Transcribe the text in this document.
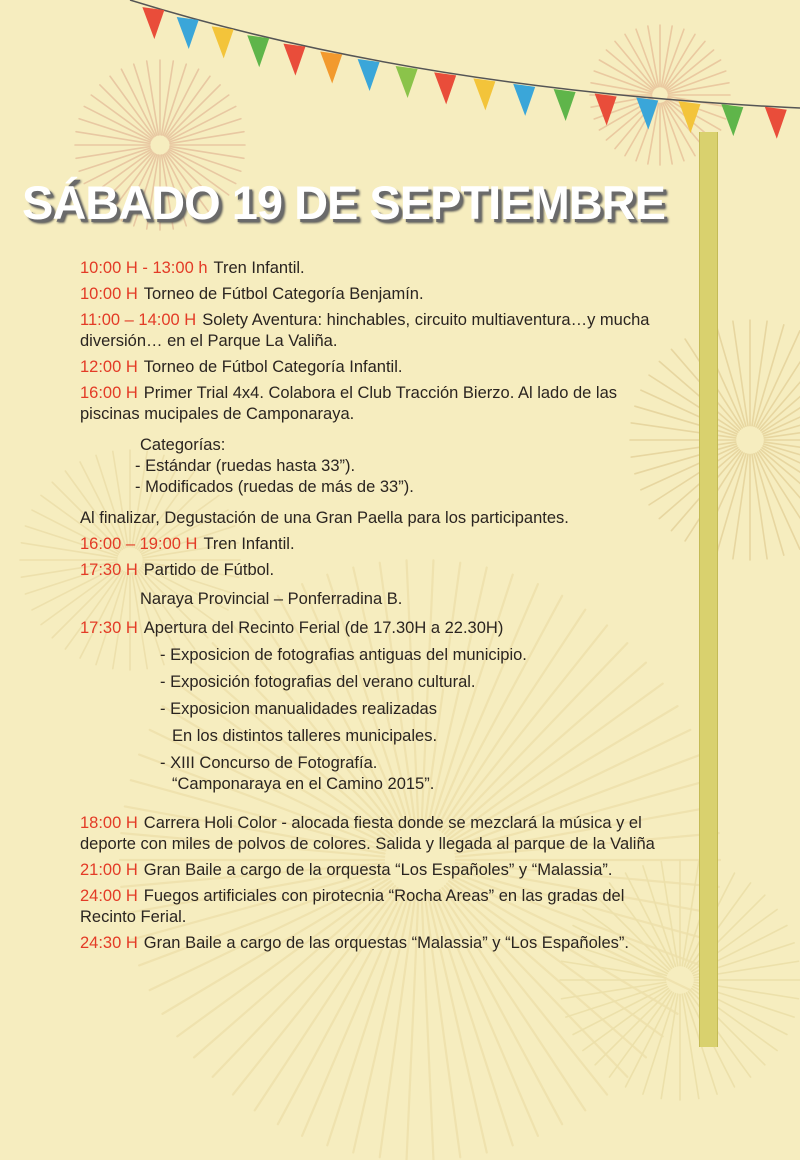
SÁBADO 19 DE SEPTIEMBRE
10:00 H - 13:00 h Tren Infantil.
10:00 H Torneo de Fútbol Categoría Benjamín.
11:00 – 14:00 H Solety Aventura: hinchables, circuito multiaventura…y mucha diversión… en el Parque La Valiña.
12:00 H Torneo de Fútbol Categoría Infantil.
16:00 H Primer Trial 4x4. Colabora el Club Tracción Bierzo. Al lado de las piscinas mucipales de Camponaraya.
Categorías:
- Estándar (ruedas hasta 33”).
- Modificados (ruedas de más de 33”).
Al finalizar, Degustación de una Gran Paella para los participantes.
16:00 – 19:00 H Tren Infantil.
17:30 H Partido de Fútbol.
Naraya Provincial – Ponferradina B.
17:30 H Apertura del Recinto Ferial (de 17.30H a 22.30H)
- Exposicion de fotografias antiguas del municipio.
- Exposición fotografias del verano cultural.
- Exposicion manualidades realizadas
En los distintos talleres municipales.
- XIII Concurso de Fotografía.
“Camponaraya en el Camino 2015”.
18:00 H Carrera Holi Color - alocada fiesta donde se mezclará la música y el deporte con miles de polvos de colores. Salida y llegada al parque de la Valiña
21:00 H Gran Baile a cargo de la orquesta “Los Españoles” y “Malassia”.
24:00 H Fuegos artificiales con pirotecnia “Rocha Areas” en las gradas del Recinto Ferial.
24:30 H Gran Baile a cargo de las orquestas “Malassia” y “Los Españoles”.
